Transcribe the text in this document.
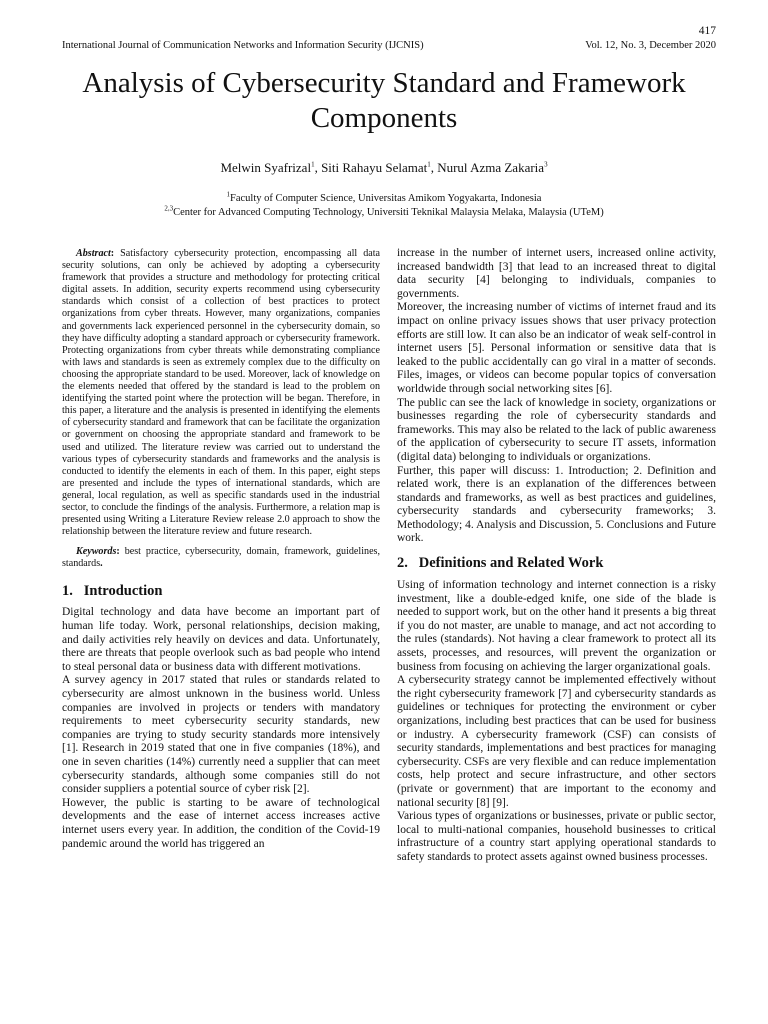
417
International Journal of Communication Networks and Information Security (IJCNIS)	Vol. 12, No. 3, December 2020
Analysis of Cybersecurity Standard and Framework Components
Melwin Syafrizal$^1$, Siti Rahayu Selamat$^1$, Nurul Azma Zakaria$^3$
$^1$Faculty of Computer Science, Universitas Amikom Yogyakarta, Indonesia
$^{2,3}$Center for Advanced Computing Technology, Universiti Teknikal Malaysia Melaka, Malaysia (UTeM)

Abstract: Satisfactory cybersecurity protection, encompassing all data security solutions, can only be achieved by adopting a cybersecurity framework that provides a structure and methodology for protecting critical digital assets. In addition, security experts recommend using cybersecurity standards which consist of a collection of best practices to protect organizations from cyber threats. However, many organizations, companies and governments lack experienced personnel in the cybersecurity domain, so they have difficulty adopting a standard approach or cybersecurity framework. Protecting organizations from cyber threats while demonstrating compliance with laws and standards is seen as extremely complex due to the difficulty on choosing the appropriate standard to be used. Moreover, lack of knowledge on the elements needed that offered by the standard is lead to the problem on identifying the started point where the protection will be began. Therefore, in this paper, a literature and the analysis is presented in identifying the elements of cybersecurity standard and framework that can be facilitate the organization or government on choosing the appropriate standard and framework to be used and utilized. The literature review was carried out to understand the various types of cybersecurity standards and frameworks and the analysis is conducted to identify the elements in each of them. In this paper, eight steps are presented and include the types of international standards, which are general, local regulation, as well as specific standards used in the industrial sector, to conclude the findings of the analysis. Furthermore, a relation map is presented using Writing a Literature Review release 2.0 approach to show the relationship between the literature review and future research.

Keywords: best practice, cybersecurity, domain, framework, guidelines, standards.

1. Introduction

Digital technology and data have become an important part of human life today. Work, personal relationships, decision making, and daily activities rely heavily on devices and data. Unfortunately, there are threats that people overlook such as bad people who intend to steal personal data or business data with different motivations.

A survey agency in 2017 stated that rules or standards related to cybersecurity are almost unknown in the business world. Unless companies are involved in projects or tenders with mandatory requirements to meet cybersecurity security standards, new companies are trying to study security standards more intensively [1]. Research in 2019 stated that one in five companies (18%), and one in seven charities (14%) currently need a supplier that can meet cybersecurity standards, although some companies still do not consider suppliers a potential source of cyber risk [2].

However, the public is starting to be aware of technological developments and the ease of internet access increases active internet users every year. In addition, the condition of the Covid-19 pandemic around the world has triggered an

increase in the number of internet users, increased online activity, increased bandwidth [3] that lead to an increased threat to digital data security [4] belonging to individuals, companies to governments.

Moreover, the increasing number of victims of internet fraud and its impact on online privacy issues shows that user privacy protection efforts are still low. It can also be an indicator of weak self-control in internet users [5]. Personal information or sensitive data that is leaked to the public accidentally can go viral in a matter of seconds. Files, images, or videos can become popular topics of conversation worldwide through social networking sites [6].

The public can see the lack of knowledge in society, organizations or businesses regarding the role of cybersecurity standards and frameworks. This may also be related to the lack of public awareness of the application of cybersecurity to secure IT assets, information (digital data) belonging to individuals or organizations.

Further, this paper will discuss: 1. Introduction; 2. Definition and related work, there is an explanation of the differences between standards and frameworks, as well as best practices and guidelines, cybersecurity standards and cybersecurity frameworks; 3. Methodology; 4. Analysis and Discussion, 5. Conclusions and Future work.

2. Definitions and Related Work

Using of information technology and internet connection is a risky investment, like a double-edged knife, one side of the blade is needed to support work, but on the other hand it presents a big threat if you do not master, are unable to manage, and act not according to the rules (standards). Not having a clear framework to protect all its assets, processes, and resources, will prevent the organization or business from focusing on achieving the larger organizational goals.

A cybersecurity strategy cannot be implemented effectively without the right cybersecurity framework [7] and cybersecurity standards as guidelines or techniques for protecting the environment or cyber organizations, including best practices that can be used for business or industry. A cybersecurity framework (CSF) can consists of security standards, implementations and best practices for managing cybersecurity. CSFs are very flexible and can reduce implementation costs, help protect and secure infrastructure, and other sectors (private or government) that are important to the economy and national security [8] [9].

Various types of organizations or businesses, private or public sector, local to multi-national companies, household businesses to critical infrastructure of a country start applying operational standards to safety standards to protect assets against owned business processes.
